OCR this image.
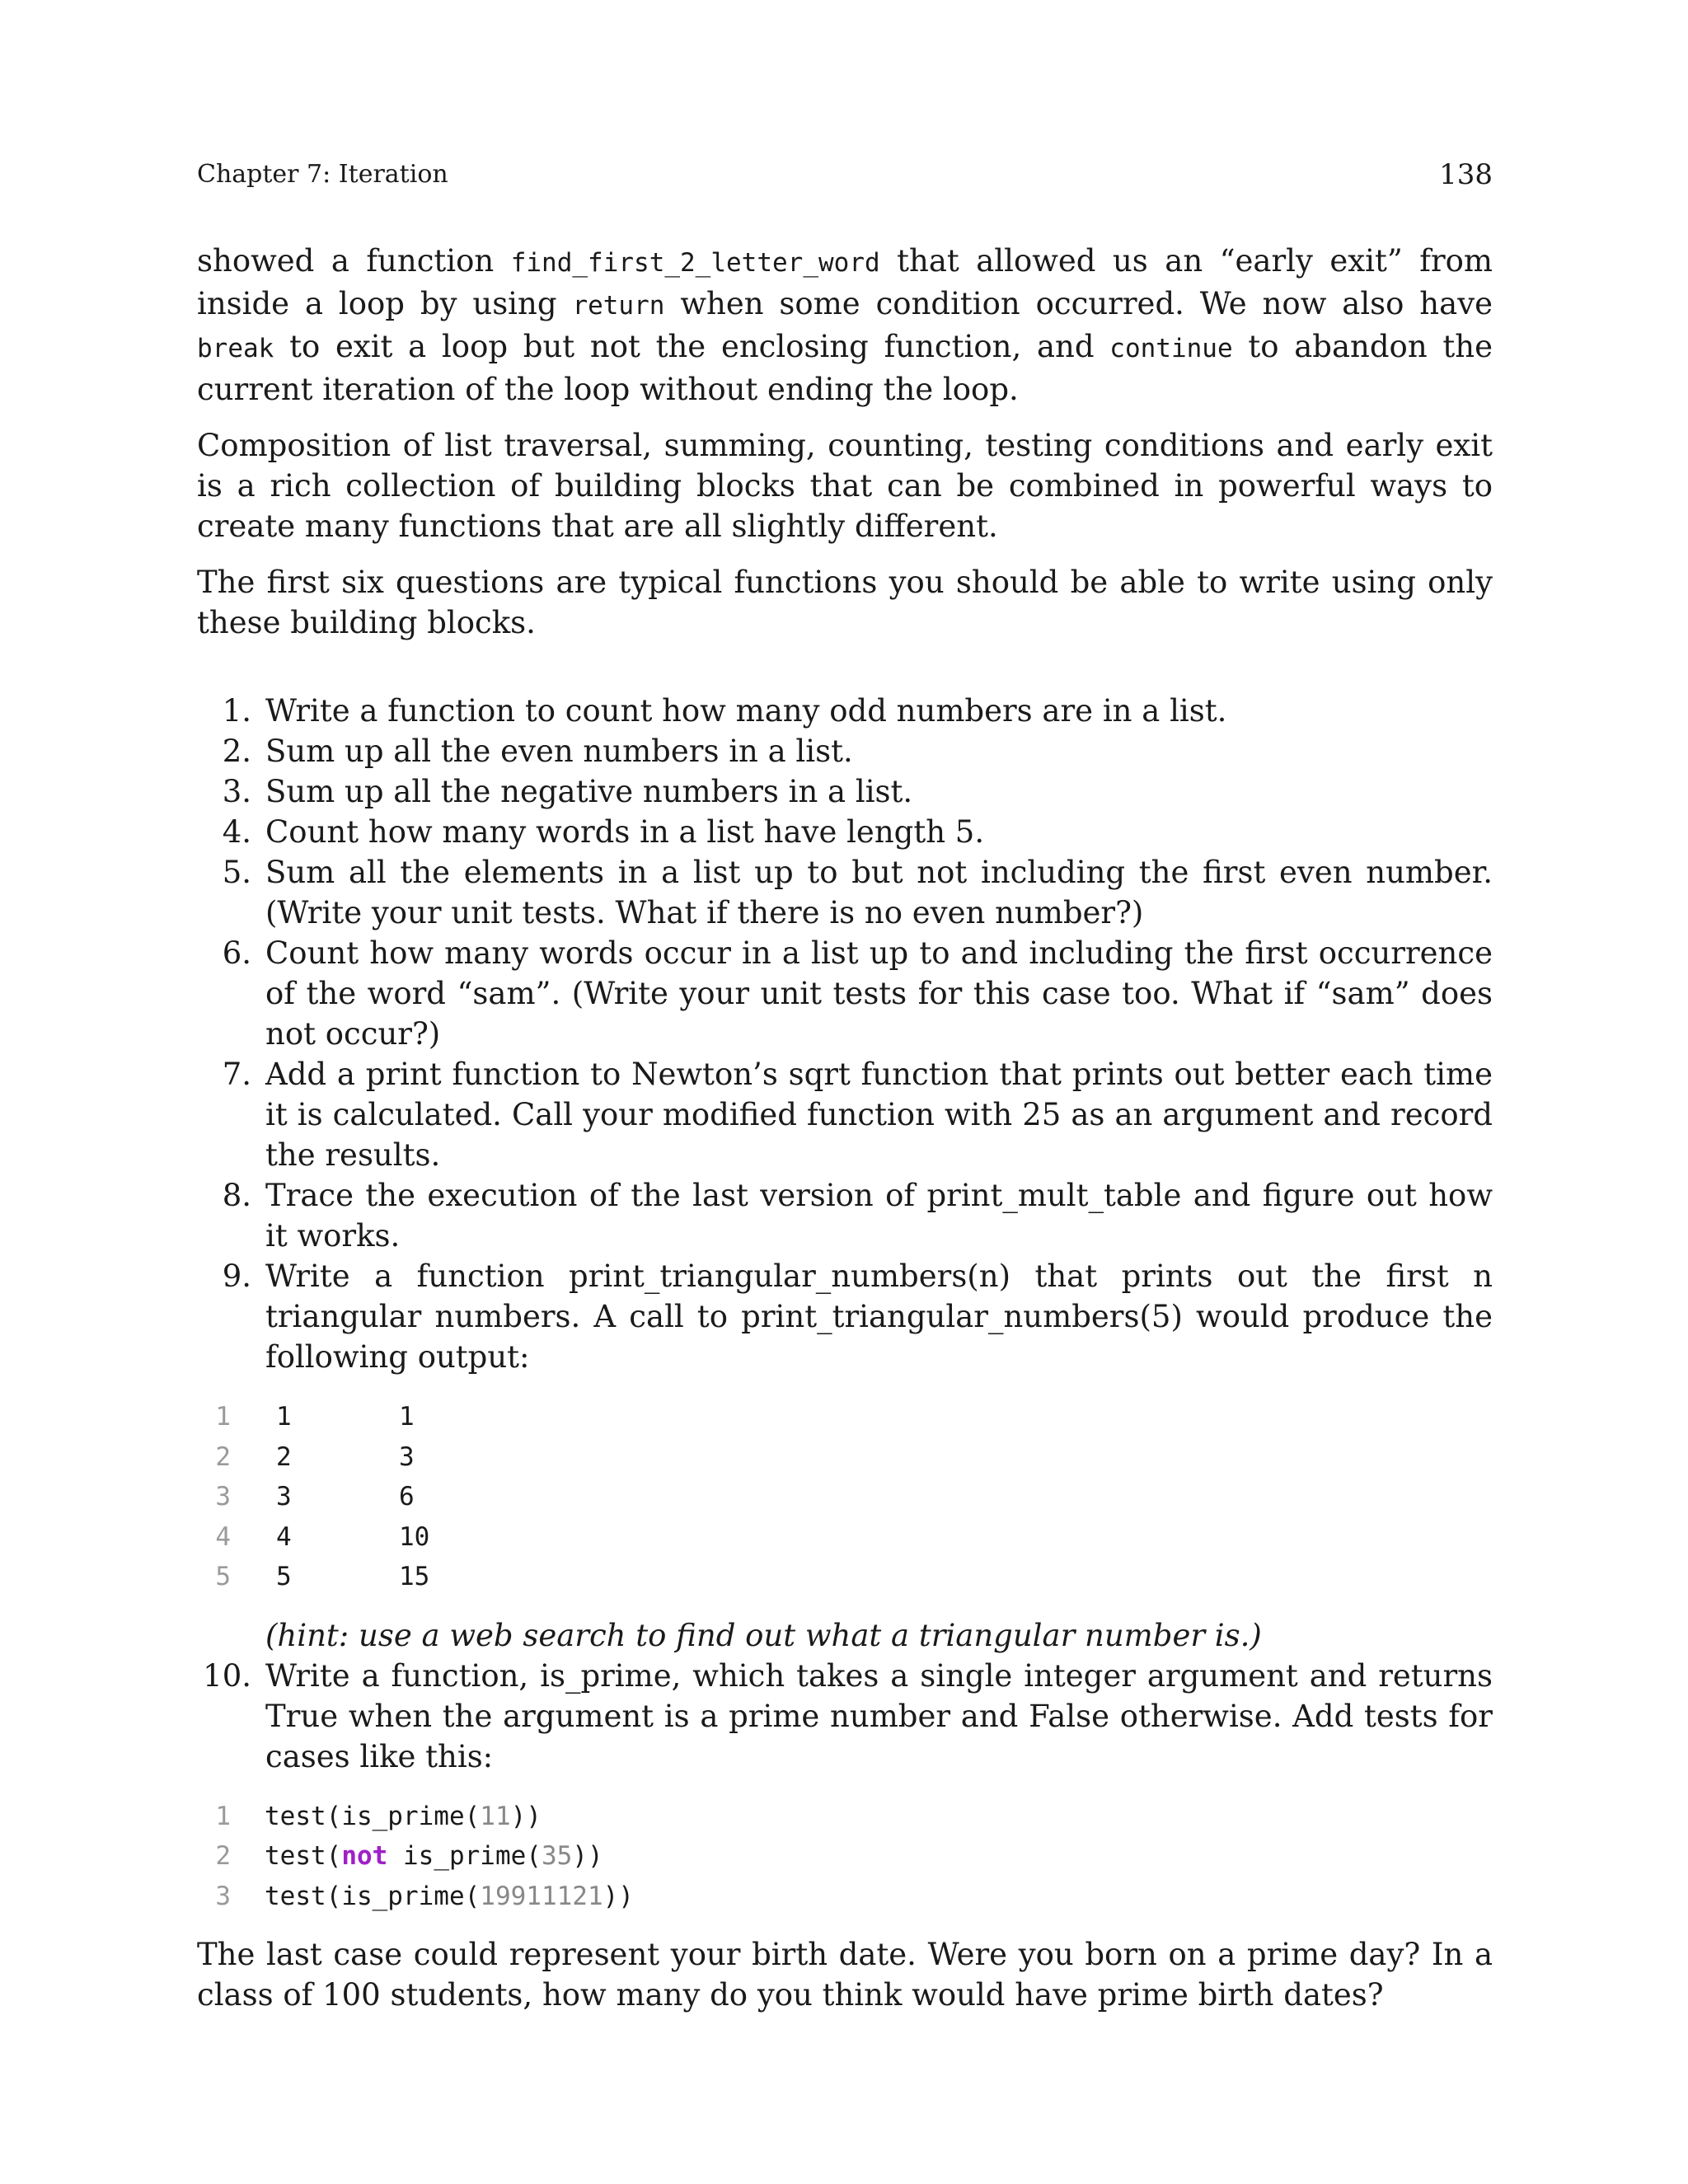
Chapter 7: Iteration	138

showed a function find_first_2_letter_word that allowed us an “early exit” from inside a loop by using return when some condition occurred. We now also have break to exit a loop but not the enclosing function, and continue to abandon the current iteration of the loop without ending the loop.

Composition of list traversal, summing, counting, testing conditions and early exit is a rich collection of building blocks that can be combined in powerful ways to create many functions that are all slightly different.

The first six questions are typical functions you should be able to write using only these building blocks.

1. Write a function to count how many odd numbers are in a list.
2. Sum up all the even numbers in a list.
3. Sum up all the negative numbers in a list.
4. Count how many words in a list have length 5.
5. Sum all the elements in a list up to but not including the first even number. (Write your unit tests. What if there is no even number?)
6. Count how many words occur in a list up to and including the first occurrence of the word “sam”. (Write your unit tests for this case too. What if “sam” does not occur?)
7. Add a print function to Newton’s sqrt function that prints out better each time it is calculated. Call your modified function with 25 as an argument and record the results.
8. Trace the execution of the last version of print_mult_table and figure out how it works.
9. Write a function print_triangular_numbers(n) that prints out the first n triangular numbers. A call to print_triangular_numbers(5) would produce the following output:
1 1	1
2 2	3
3 3	6
4 4	10
5 5	15
(hint: use a web search to find out what a triangular number is.)
10. Write a function, is_prime, which takes a single integer argument and returns True when the argument is a prime number and False otherwise. Add tests for cases like this:
1 test(is_prime(11))
2 test(not is_prime(35))
3 test(is_prime(19911121))

The last case could represent your birth date. Were you born on a prime day? In a class of 100 students, how many do you think would have prime birth dates?
